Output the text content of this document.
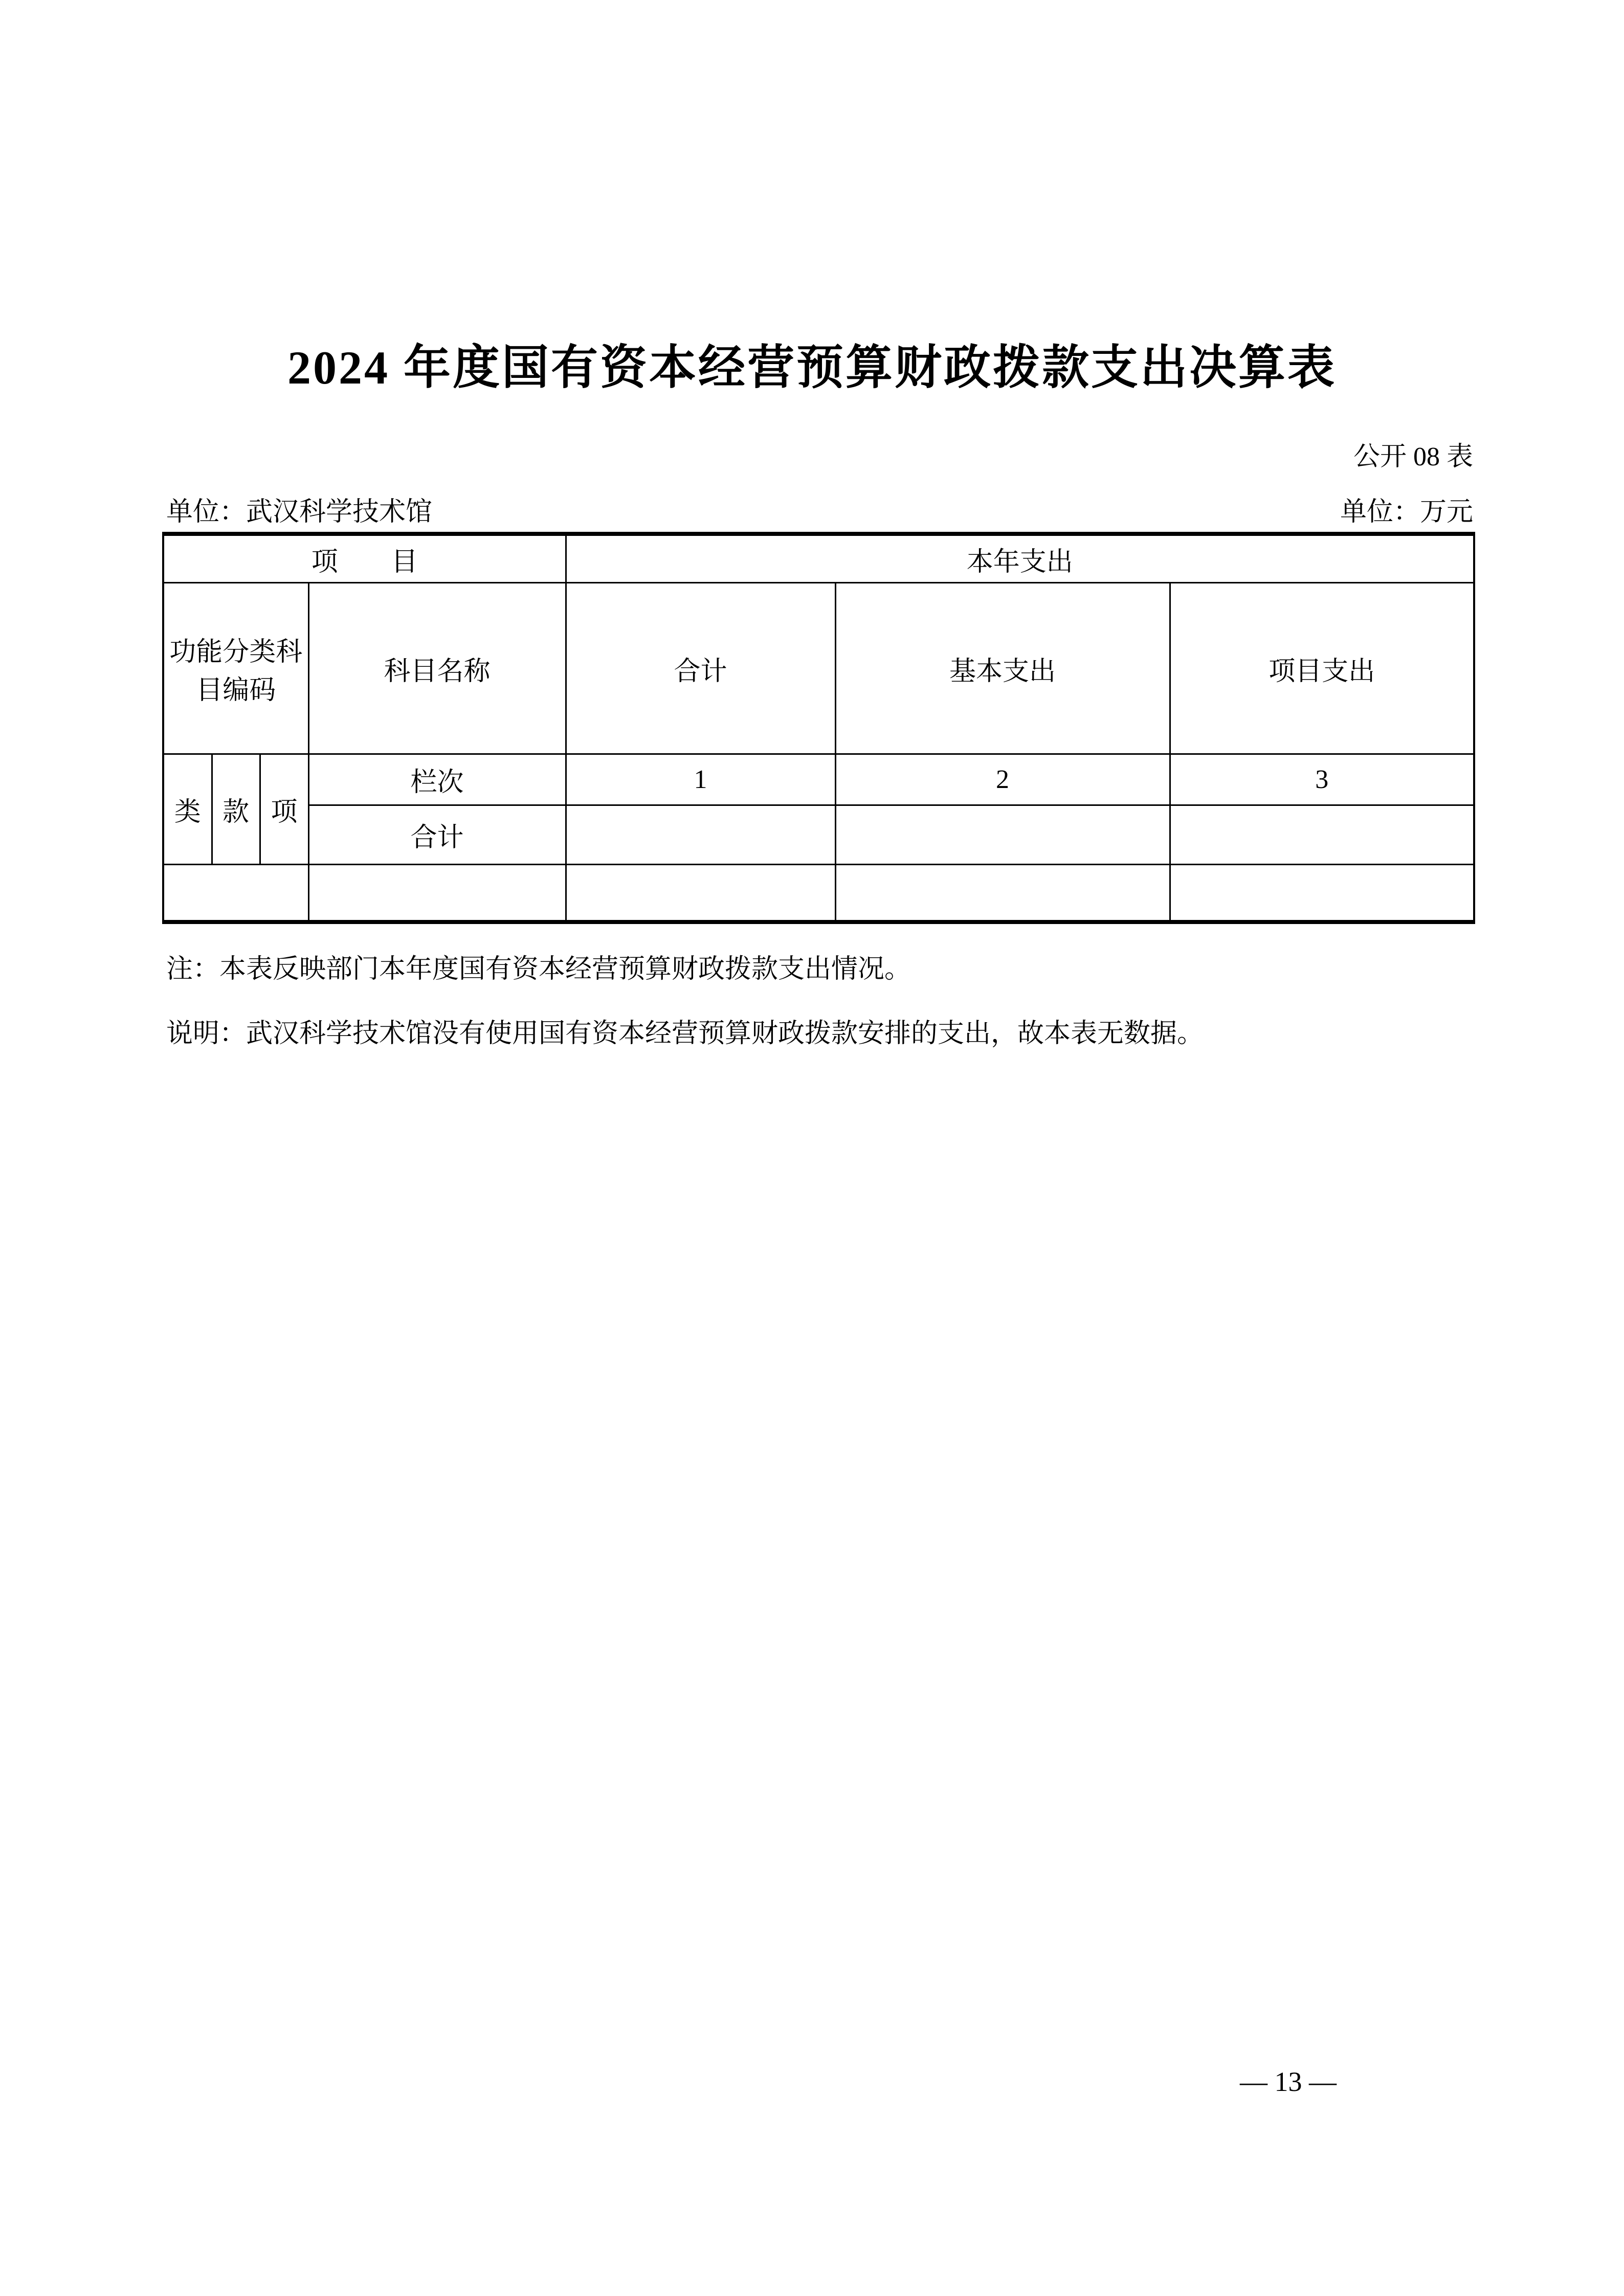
2024 年度国有资本经营预算财政拨款支出决算表
公开 08 表
单位：武汉科学技术馆	单位：万元
项　　目				本年支出		
功能分类科目编码			科目名称	合计	基本支出	项目支出
类	款	项	栏次	1	2	3
			合计			

注：本表反映部门本年度国有资本经营预算财政拨款支出情况。
说明：武汉科学技术馆没有使用国有资本经营预算财政拨款安排的支出，故本表无数据。
— 13 —
